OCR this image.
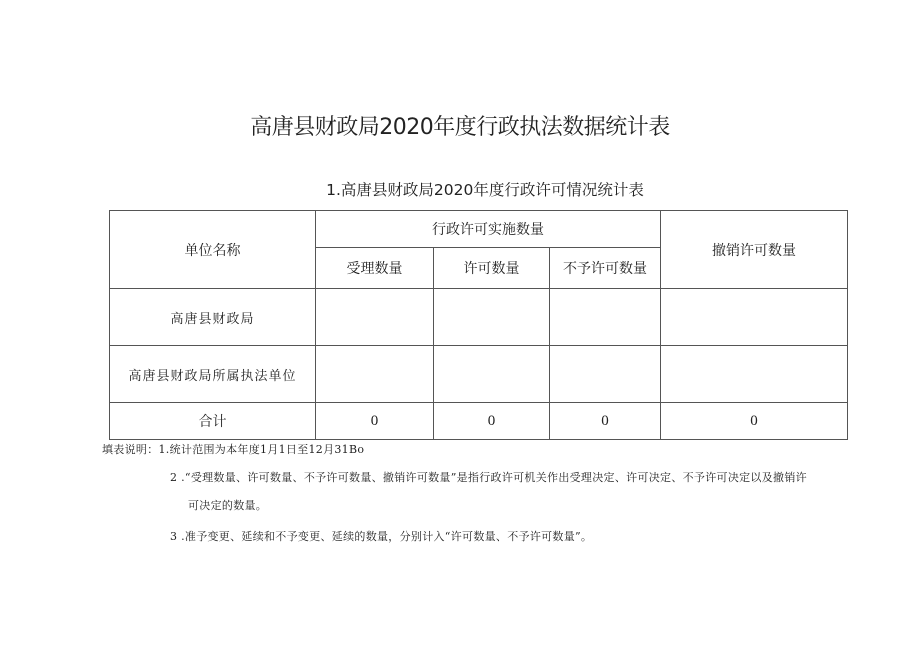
高唐县财政局2020年度行政执法数据统计表
1.高唐县财政局2020年度行政许可情况统计表
单位名称	行政许可实施数量			撤销许可数量
	受理数量	许可数量	不予许可数量	
高唐县财政局				
高唐县财政局所属执法单位				
合计	0	0	0	0
填表说明：1.统计范围为本年度1月1日至12月31Bo
2 .“受理数量、许可数量、不予许可数量、撤销许可数量”是指行政许可机关作出受理决定、许可决定、不予许可决定以及撤销许
可决定的数量。
3 .准予变更、延续和不予变更、延续的数量，分别计入“许可数量、不予许可数量”。
